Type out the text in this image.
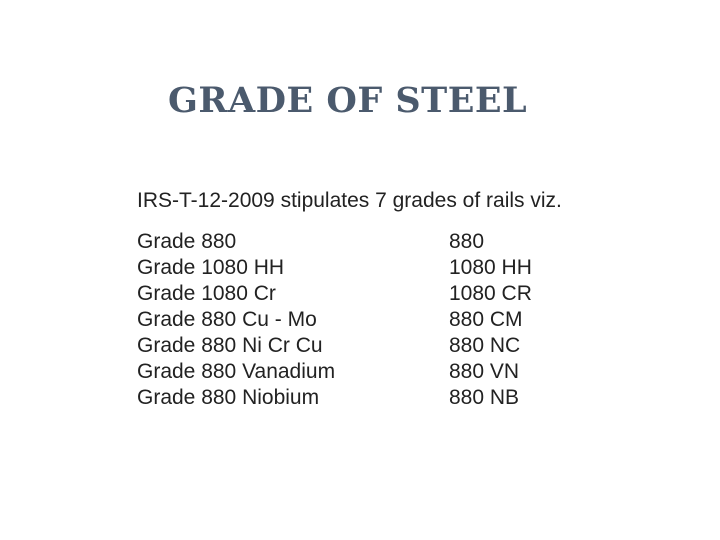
GRADE OF STEEL
IRS-T-12-2009 stipulates 7 grades of rails viz.
Grade 880	880
Grade 1080 HH	1080 HH
Grade 1080 Cr	1080 CR
Grade 880 Cu - Mo	880 CM
Grade 880 Ni Cr Cu	880 NC
Grade 880 Vanadium	880 VN
Grade 880 Niobium	880 NB
